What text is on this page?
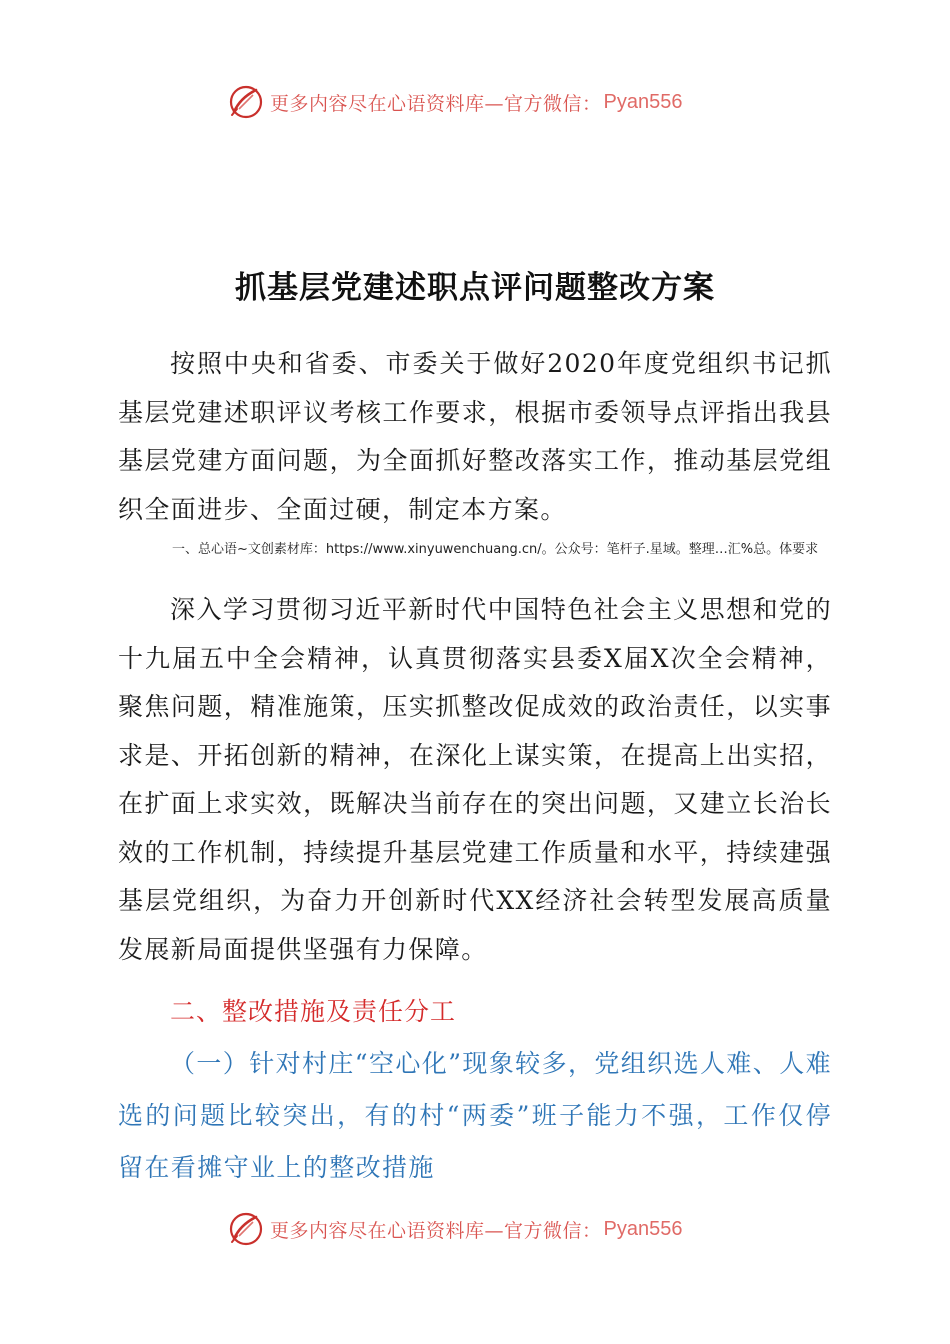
更多内容尽在心语资料库—官方微信： Pyan556
抓基层党建述职点评问题整改方案

按照中央和省委、市委关于做好2020年度党组织书记抓基层党建述职评议考核工作要求，根据市委领导点评指出我县基层党建方面问题，为全面抓好整改落实工作，推动基层党组织全面进步、全面过硬，制定本方案。

一、总心语~文创素材库：https://www.xinyuwenchuang.cn/。公众号：笔杆子.星域。整理…汇%总。体要求

深入学习贯彻习近平新时代中国特色社会主义思想和党的十九届五中全会精神，认真贯彻落实县委X届X次全会精神，聚焦问题，精准施策，压实抓整改促成效的政治责任，以实事求是、开拓创新的精神，在深化上谋实策，在提高上出实招，在扩面上求实效，既解决当前存在的突出问题，又建立长治长效的工作机制，持续提升基层党建工作质量和水平，持续建强基层党组织，为奋力开创新时代XX经济社会转型发展高质量发展新局面提供坚强有力保障。

二、整改措施及责任分工

（一）针对村庄“空心化”现象较多，党组织选人难、人难选的问题比较突出，有的村“两委”班子能力不强，工作仅停留在看摊守业上的整改措施

更多内容尽在心语资料库—官方微信： Pyan556
